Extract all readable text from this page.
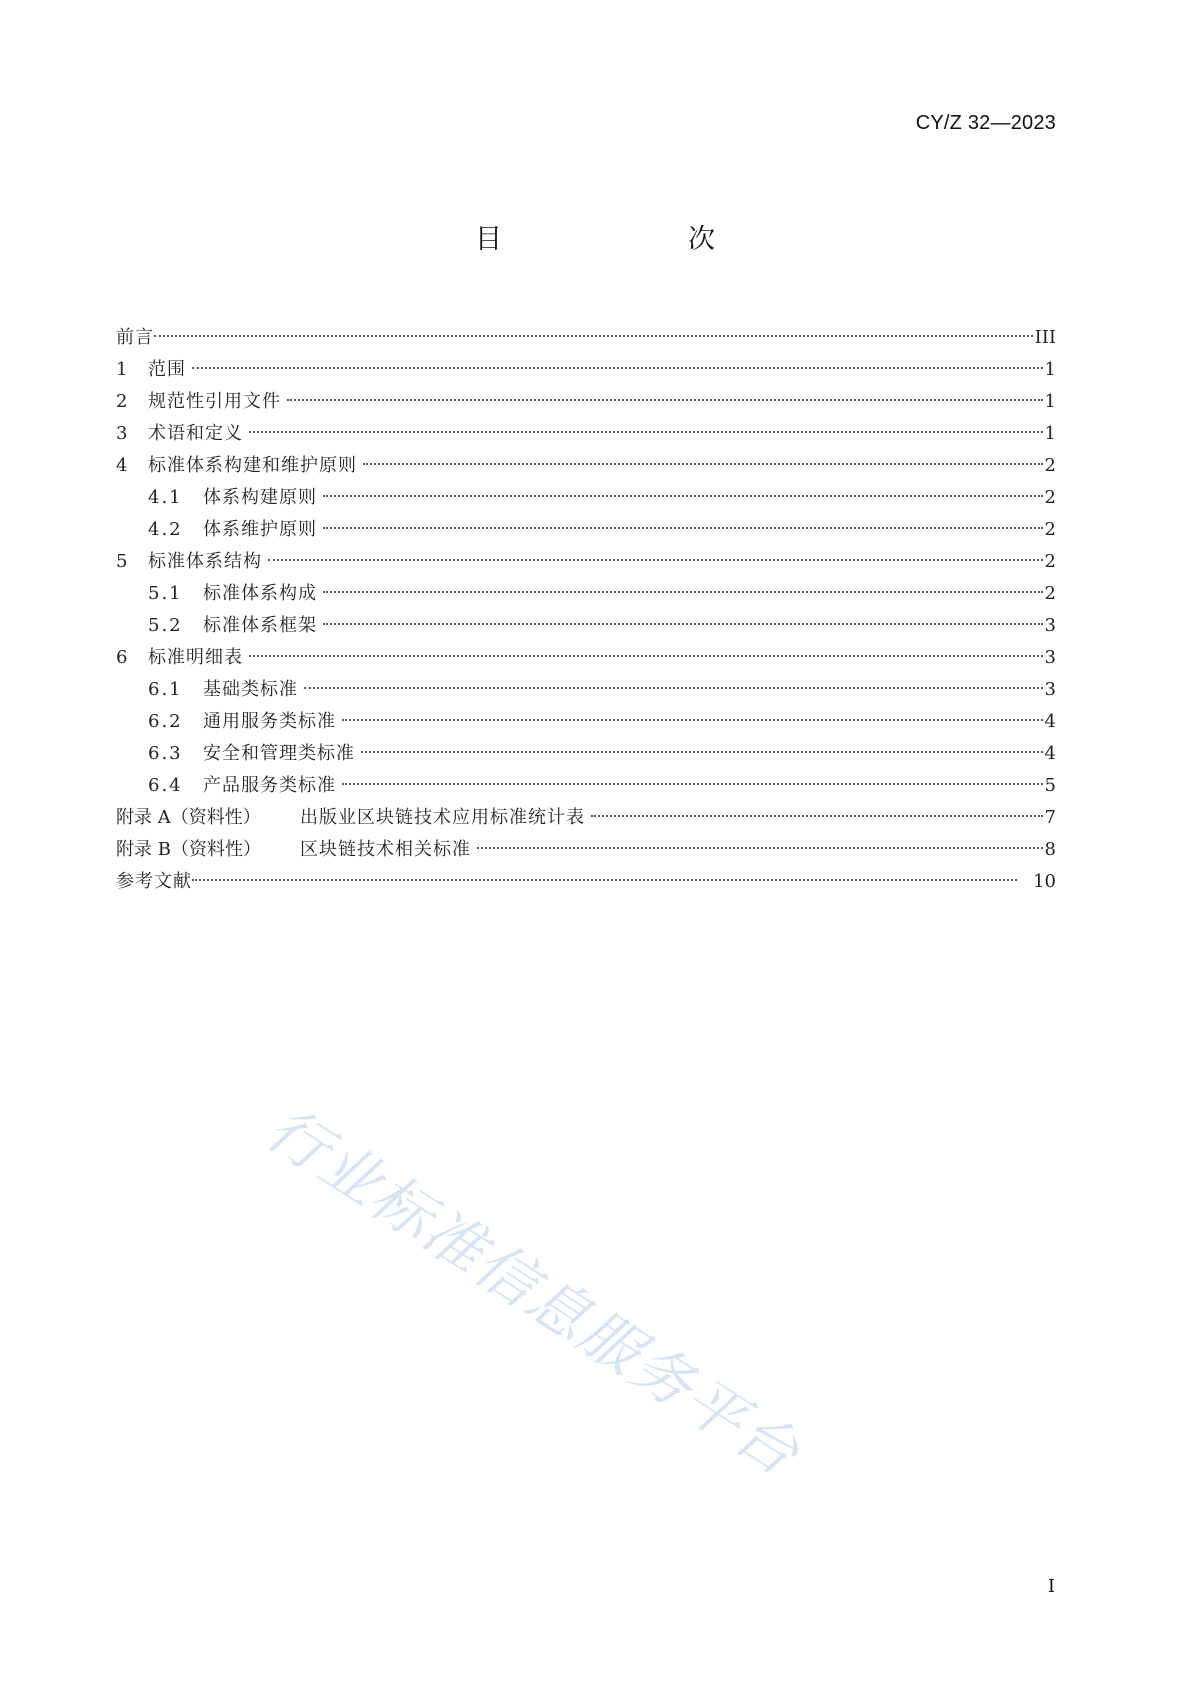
CY/Z 32—2023
目　　次
前言	III
1	范围	1
2	规范性引用文件	1
3	术语和定义	1
4	标准体系构建和维护原则	2
4.1	体系构建原则	2
4.2	体系维护原则	2
5	标准体系结构	2
5.1	标准体系构成	2
5.2	标准体系框架	3
6	标准明细表	3
6.1	基础类标准	3
6.2	通用服务类标准	4
6.3	安全和管理类标准	4
6.4	产品服务类标准	5
附录 A（资料性）	出版业区块链技术应用标准统计表	7
附录 B（资料性）	区块链技术相关标准	8
参考文献	10
行业标准信息服务平台
I
